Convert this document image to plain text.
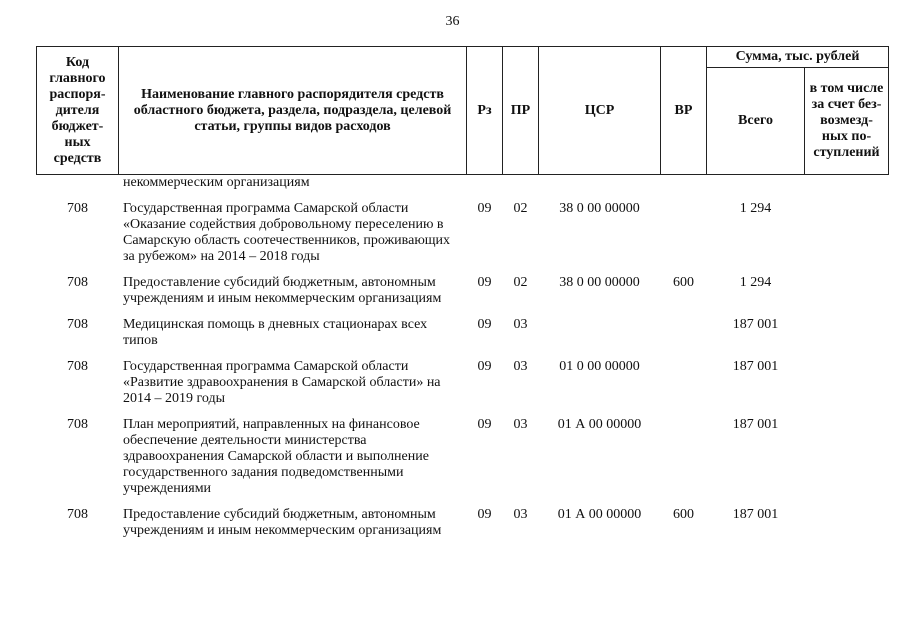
36
Код главного распоря-дителя бюджет-ных средств	Наименование главного распорядителя средств областного бюджета, раздела, подраздела, целевой статьи, группы видов расходов	Рз	ПР	ЦСР	ВР	Сумма, тыс. рублей	
						Всего	в том числе за счет без-возмезд-ных по-ступлений
	некоммерческим организациям						
708	Государственная программа Самарской области «Оказание содействия добровольному переселению в Самарскую область соотечественников, проживающих за рубежом» на 2014 – 2018 годы	09	02	38 0 00 00000		1 294	
708	Предоставление субсидий бюджетным, автономным учреждениям и иным некоммерческим организациям	09	02	38 0 00 00000	600	1 294	
708	Медицинская помощь в дневных стационарах всех типов	09	03			187 001	
708	Государственная программа Самарской области «Развитие здравоохранения в Самарской области» на 2014 – 2019 годы	09	03	01 0 00 00000		187 001	
708	План мероприятий, направленных на финансовое обеспечение деятельности министерства здравоохранения Самарской области и выполнение государственного задания подведомственными учреждениями	09	03	01 А 00 00000		187 001	
708	Предоставление субсидий бюджетным, автономным учреждениям и иным некоммерческим организациям	09	03	01 А 00 00000	600	187 001	
